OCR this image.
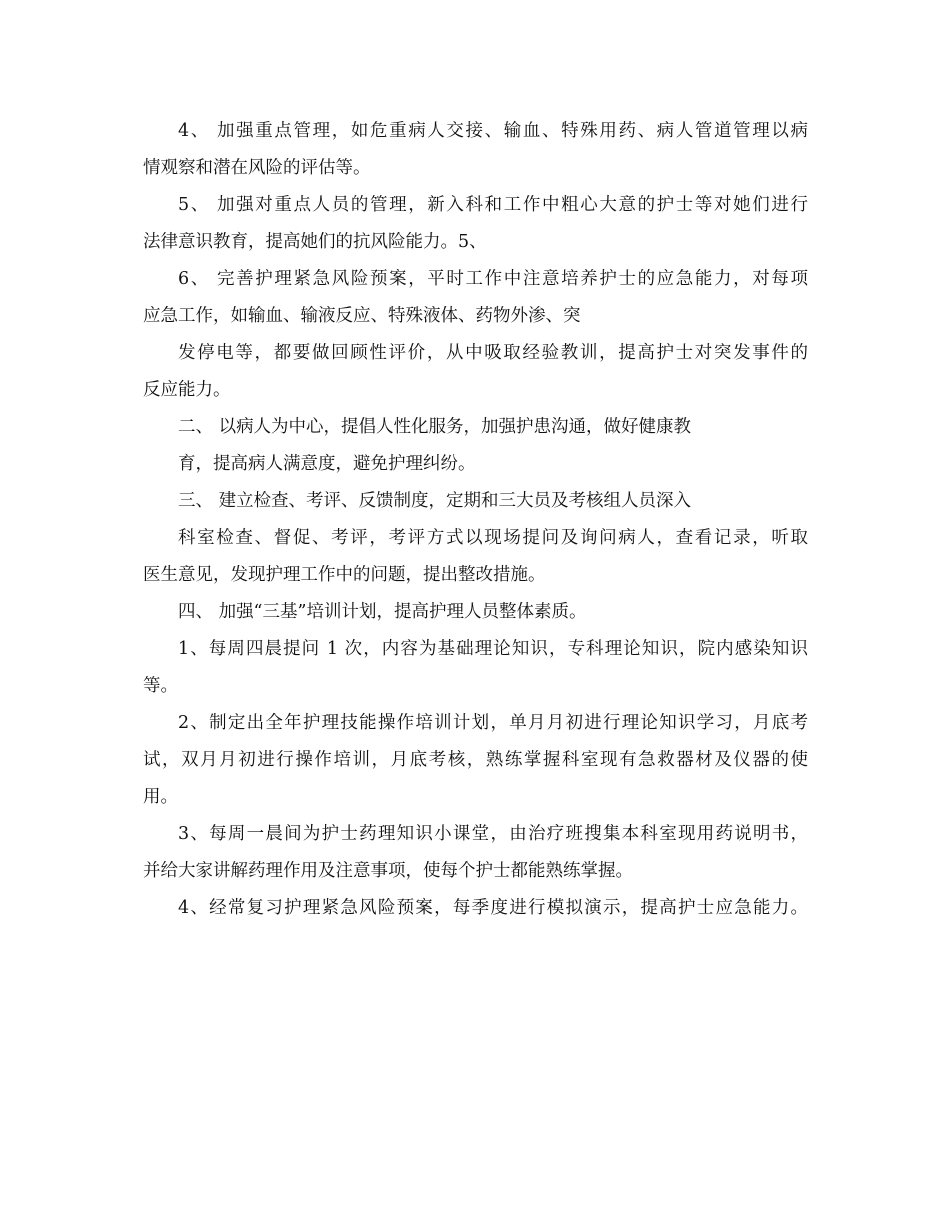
4、 加强重点管理，如危重病人交接、输血、特殊用药、病人管道管理以病
情观察和潜在风险的评估等。
5、 加强对重点人员的管理，新入科和工作中粗心大意的护士等对她们进行
法律意识教育，提高她们的抗风险能力。5、
6、 完善护理紧急风险预案，平时工作中注意培养护士的应急能力，对每项
应急工作，如输血、输液反应、特殊液体、药物外渗、突
发停电等，都要做回顾性评价，从中吸取经验教训，提高护士对突发事件的
反应能力。
二、 以病人为中心，提倡人性化服务，加强护患沟通，做好健康教
育，提高病人满意度，避免护理纠纷。
三、 建立检查、考评、反馈制度，定期和三大员及考核组人员深入
科室检查、督促、考评，考评方式以现场提问及询问病人，查看记录，听取
医生意见，发现护理工作中的问题，提出整改措施。
四、 加强“三基”培训计划，提高护理人员整体素质。
1、每周四晨提问 1 次，内容为基础理论知识，专科理论知识，院内感染知识
等。
2、制定出全年护理技能操作培训计划，单月月初进行理论知识学习，月底考
试，双月月初进行操作培训，月底考核，熟练掌握科室现有急救器材及仪器的使
用。
3、每周一晨间为护士药理知识小课堂，由治疗班搜集本科室现用药说明书，
并给大家讲解药理作用及注意事项，使每个护士都能熟练掌握。
4、经常复习护理紧急风险预案，每季度进行模拟演示，提高护士应急能力。
